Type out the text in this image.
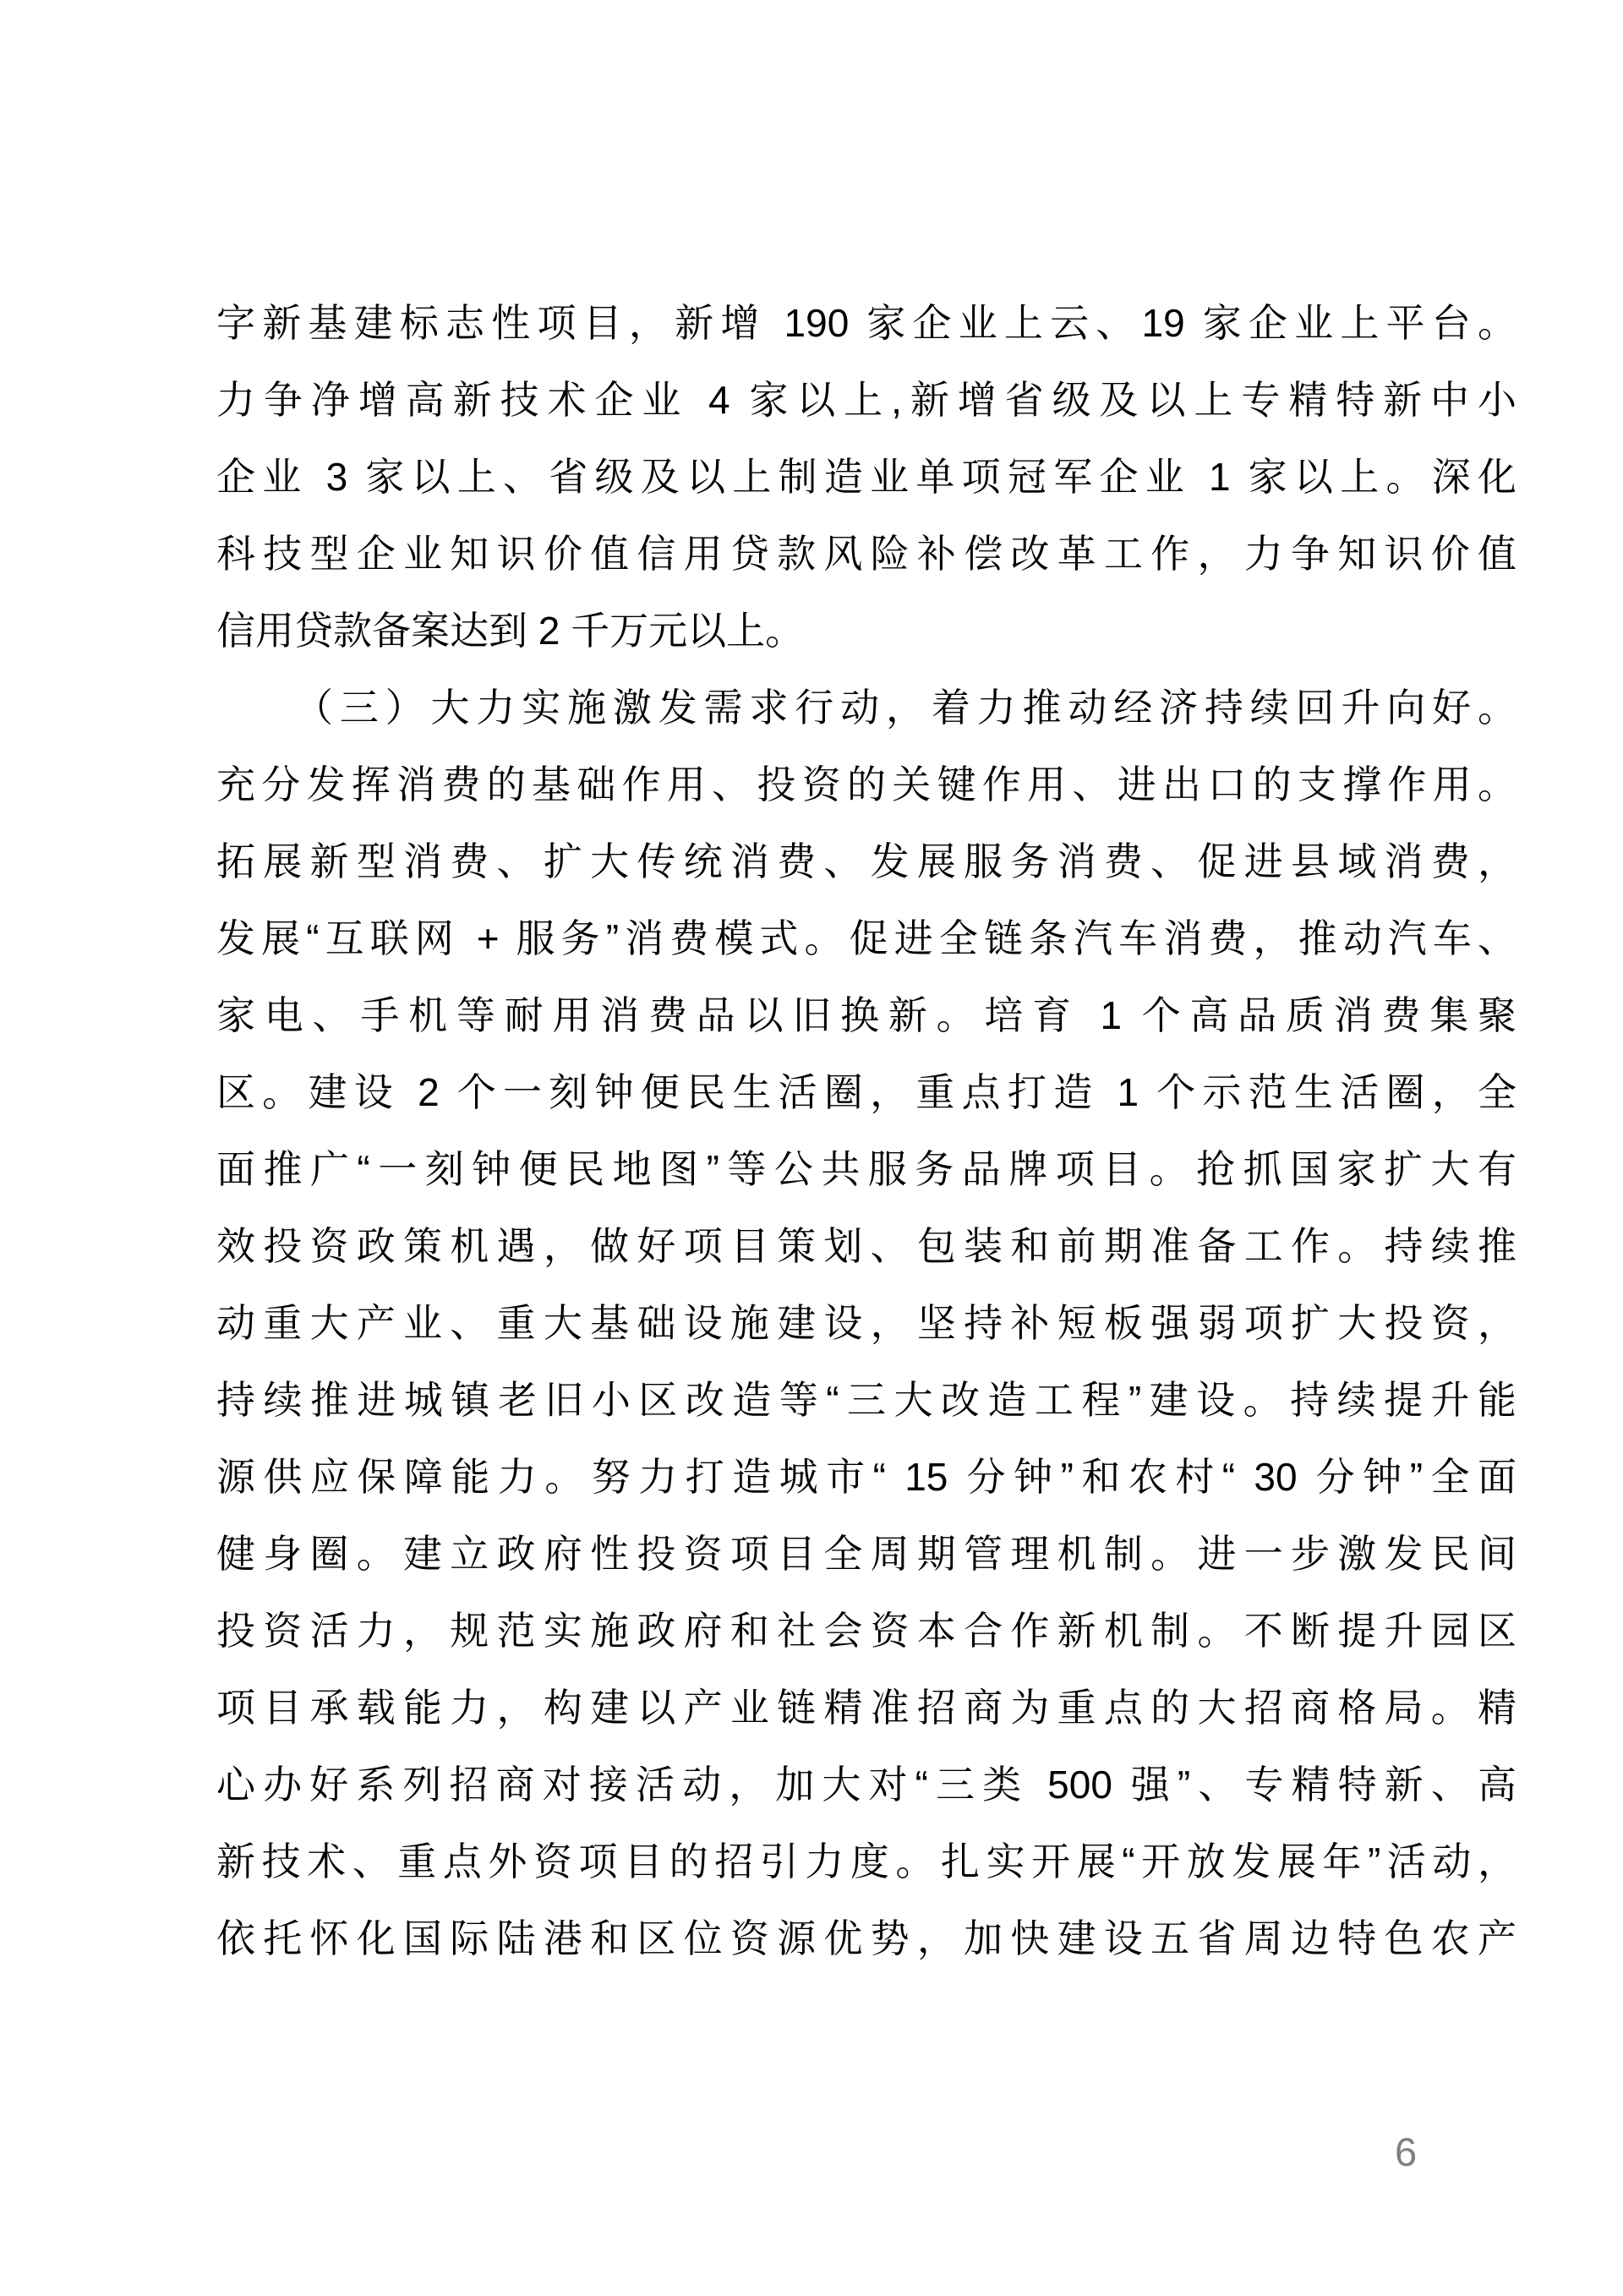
字新基建标志性项目，新增 190 家企业上云、19 家企业上平台。
力争净增高新技术企业 4 家以上,新增省级及以上专精特新中小
企业 3 家以上、省级及以上制造业单项冠军企业 1 家以上。深化
科技型企业知识价值信用贷款风险补偿改革工作，力争知识价值
信用贷款备案达到 2 千万元以上。
（三）大力实施激发需求行动，着力推动经济持续回升向好。
充分发挥消费的基础作用、投资的关键作用、进出口的支撑作用。
拓展新型消费、扩大传统消费、发展服务消费、促进县域消费，
发展“互联网 + 服务”消费模式。促进全链条汽车消费，推动汽车、
家电、手机等耐用消费品以旧换新。培育 1 个高品质消费集聚
区。建设 2 个一刻钟便民生活圈，重点打造 1 个示范生活圈，全
面推广“一刻钟便民地图”等公共服务品牌项目。抢抓国家扩大有
效投资政策机遇，做好项目策划、包装和前期准备工作。持续推
动重大产业、重大基础设施建设，坚持补短板强弱项扩大投资，
持续推进城镇老旧小区改造等“三大改造工程”建设。持续提升能
源供应保障能力。努力打造城市“ 15 分钟”和农村“ 30 分钟”全面
健身圈。建立政府性投资项目全周期管理机制。进一步激发民间
投资活力，规范实施政府和社会资本合作新机制。不断提升园区
项目承载能力，构建以产业链精准招商为重点的大招商格局。精
心办好系列招商对接活动，加大对“三类 500 强”、专精特新、高
新技术、重点外资项目的招引力度。扎实开展“开放发展年”活动，
依托怀化国际陆港和区位资源优势，加快建设五省周边特色农产
6
